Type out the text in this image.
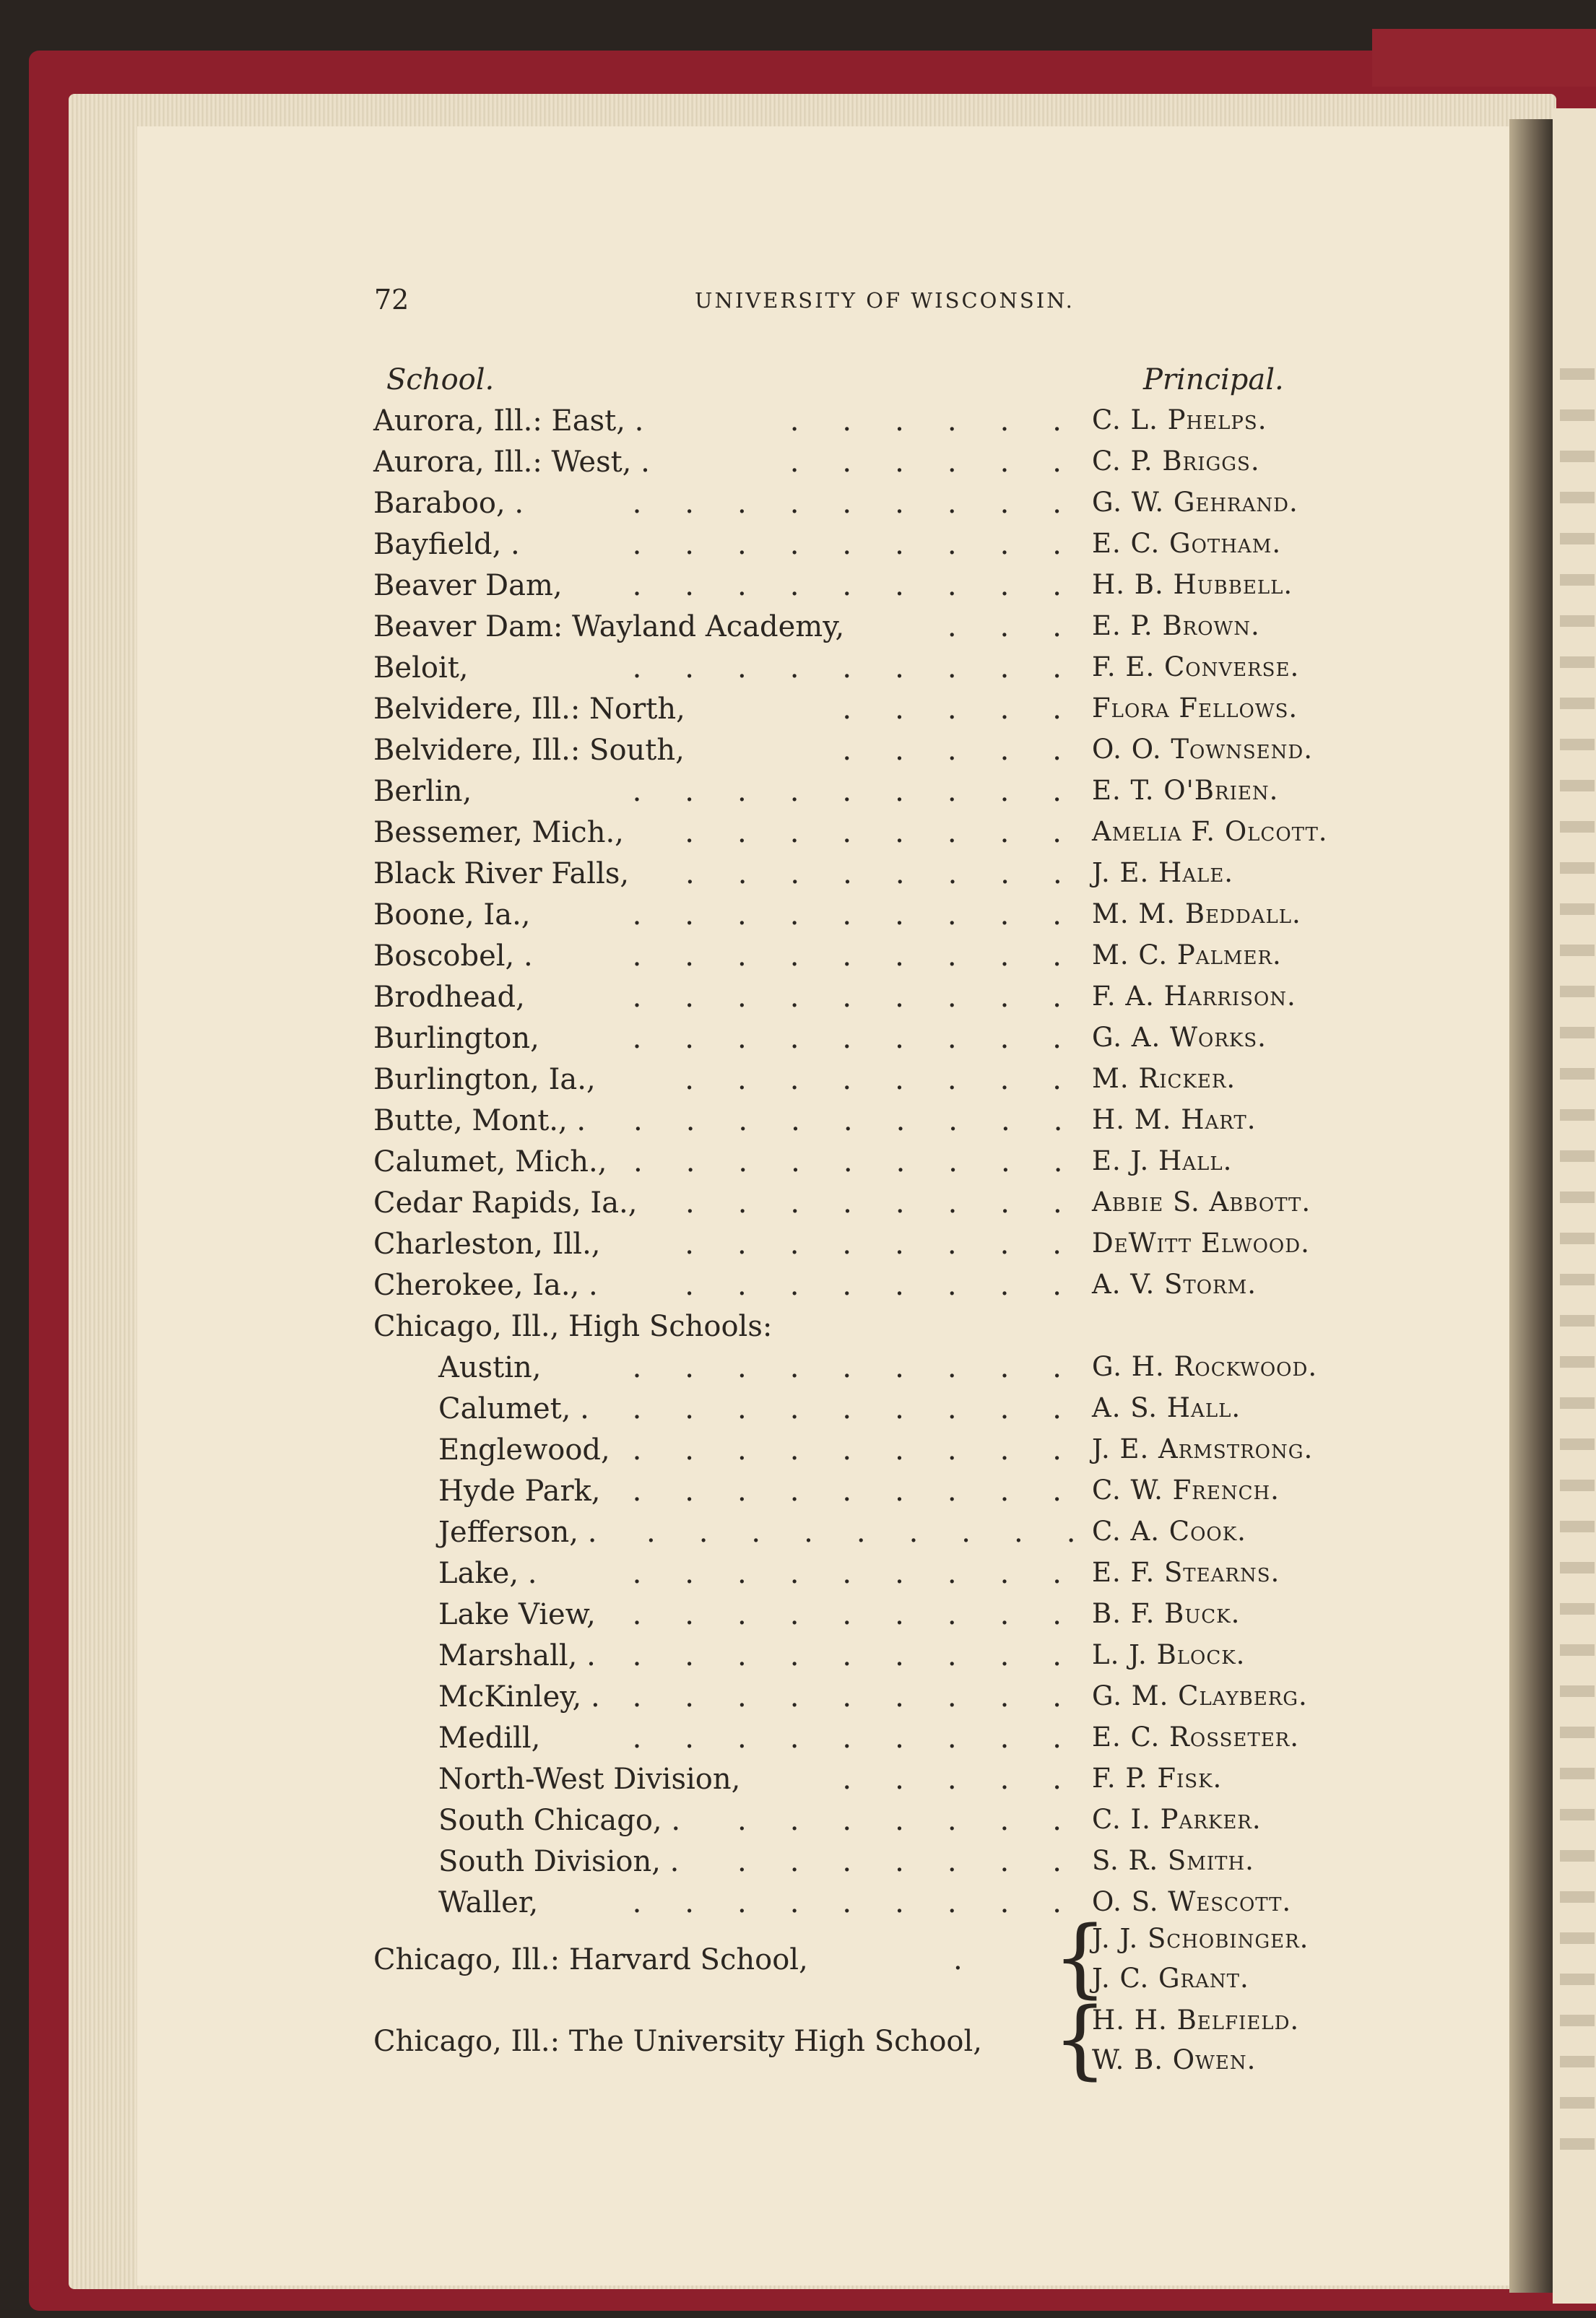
72	UNIVERSITY OF WISCONSIN.
School.	Principal.
Aurora, Ill.: East, .	.  .  .  .  .  . C. L. Phelps.
Aurora, Ill.: West, .	.  .  .  .  .  . C. P. Briggs.
Baraboo, .	.  .  .  .  .  .  .  .  . G. W. Gehrand.
Bayfield, .	.  .  .  .  .  .  .  .  . E. C. Gotham.
Beaver Dam, .  .  .  .  .  .  .  .  . H. B. Hubbell.
Beaver Dam: Wayland Academy,	.  .  . E. P. Brown.
Beloit,	.  .  .  .  .  .  .  .  . F. E. Converse.
Belvidere, Ill.: North,	.  .  .  .  . Flora Fellows.
Belvidere, Ill.: South,	.  .  .  .  . O. O. Townsend.
Berlin,	.  .  .  .  .  .  .  .  . E. T. O'Brien.
Bessemer, Mich.,	.  .  .  .  .  .  .  . Amelia F. Olcott.
Black River Falls, .  .  .  .  .  .  .  . J. E. Hale.
Boone, Ia.,	.  .  .  .  .  .  .  .  . M. M. Beddall.
Boscobel, .	.  .  .  .  .  .  .  .  . M. C. Palmer.
Brodhead,	.  .  .  .  .  .  .  .  . F. A. Harrison.
Burlington,	.  .  .  .  .  .  .  .  . G. A. Works.
Burlington, Ia.,	.  .  .  .  .  .  .  . M. Ricker.
Butte, Mont., . .  .  .  .  .  .  .  .  . H. M. Hart.
Calumet, Mich., .  .  .  .  .  .  .  .  . E. J. Hall.
Cedar Rapids, Ia., .  .  .  .  .  .  .  . Abbie S. Abbott.
Charleston, Ill.,	.  .  .  .  .  .  .  . DeWitt Elwood.
Cherokee, Ia., .	.  .  .  .  .  .  .  . A. V. Storm.
Chicago, Ill., High Schools:
Austin,	.  .  .  .  .  .  .  .  . G. H. Rockwood.
Calumet, . .  .  .  .  .  .  .  .  . A. S. Hall.
Englewood, .  .  .  .  .  .  .  .  . J. E. Armstrong.
Hyde Park, .  .  .  .  .  .  .  .  . C. W. French.
Jefferson, . .  .  .  .  .  .  .  .  . C. A. Cook.
Lake, .	.  .  .  .  .  .  .  .  . E. F. Stearns.
Lake View, .  .  .  .  .  .  .  .  . B. F. Buck.
Marshall, . .  .  .  .  .  .  .  .  . L. J. Block.
McKinley, . .  .  .  .  .  .  .  .  . G. M. Clayberg.
Medill,	.  .  .  .  .  .  .  .  . E. C. Rosseter.
North-West Division,	.  .  .  .  . F. P. Fisk.
South Chicago, .	.  .  .  .  .  .  . C. I. Parker.
South Division, . .  .  .  .  .  .  . S. R. Smith.
Waller,	.  .  .  .  .  .  .  .  . O. S. Wescott.
Chicago, Ill.: Harvard School,	.	{
J. J. Schobinger.
J. C. Grant.
Chicago, Ill.: The University High School, {
H. H. Belfield.
W. B. Owen.
